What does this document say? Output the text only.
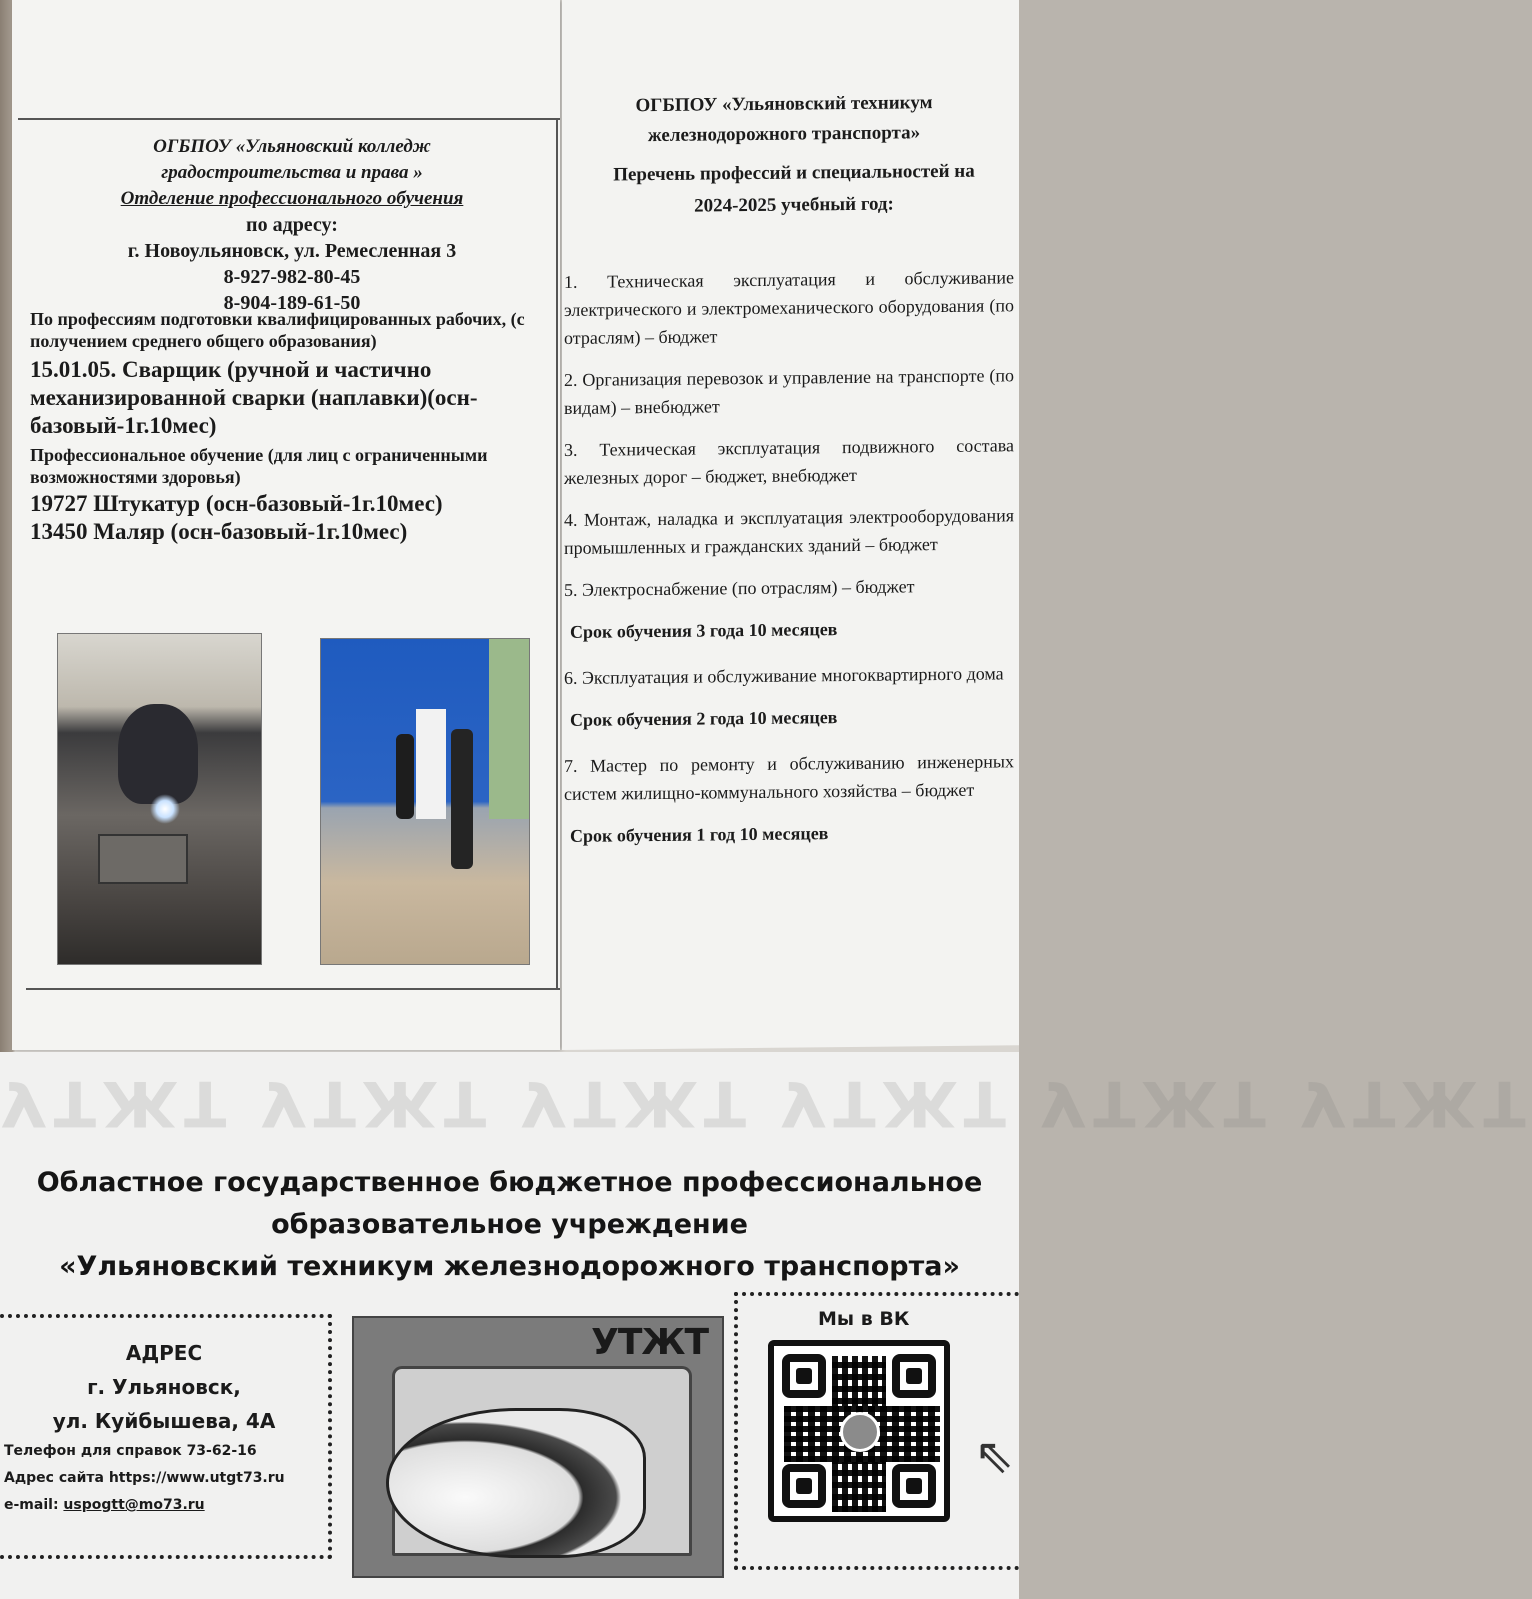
ОГБПОУ «Ульяновский колледж
градостроительства и права »
Отделение профессионального обучения
по адресу:
г. Новоульяновск, ул. Ремесленная 3
8-927-982-80-45
8-904-189-61-50
По профессиям подготовки квалифицированных рабочих, (с получением среднего общего образования)
15.01.05. Сварщик (ручной и частично механизированной сварки (наплавки)(осн-базовый-1г.10мес)
Профессиональное обучение (для лиц с ограниченными возможностями здоровья)
19727 Штукатур (осн-базовый-1г.10мес)
13450 Маляр (осн-базовый-1г.10мес)
ОГБПОУ «Ульяновский техникум
железнодорожного транспорта»
Перечень профессий и специальностей на
2024-2025 учебный год:
1. Техническая эксплуатация и обслуживание электрического и электромеханического оборудования (по отраслям) – бюджет
2. Организация перевозок и управление на транспорте (по видам) – внебюджет
3. Техническая эксплуатация подвижного состава железных дорог – бюджет, внебюджет
4. Монтаж, наладка и эксплуатация электрооборудования промышленных и гражданских зданий – бюджет
5. Электроснабжение (по отраслям) – бюджет
Срок обучения 3 года 10 месяцев
6. Эксплуатация и обслуживание многоквартирного дома
Срок обучения 2 года 10 месяцев
7. Мастер по ремонту и обслуживанию инженерных систем жилищно-коммунального хозяйства – бюджет
Срок обучения 1 год 10 месяцев
УТЖТ УТЖТ УТЖТ УТЖТ УТЖТ УТЖТ
Областное государственное бюджетное профессиональное
образовательное учреждение
«Ульяновский техникум железнодорожного транспорта»
АДРЕС
г. Ульяновск,
ул. Куйбышева, 4А
Телефон для справок 73-62-16
Адрес сайта https://www.utgt73.ru
e-mail: uspogtt@mo73.ru
УТЖТ
Мы в ВК
⇖
